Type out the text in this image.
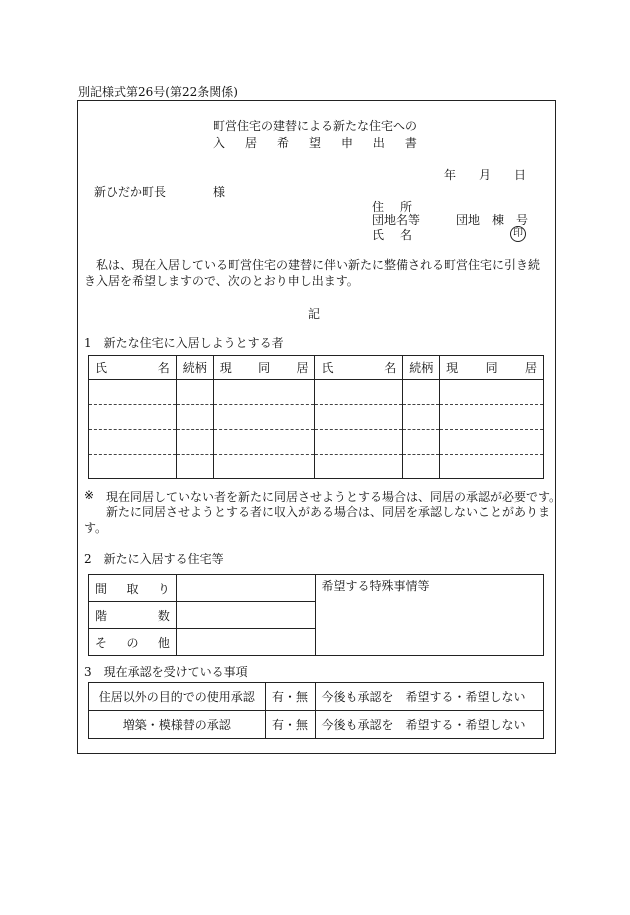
別記様式第26号(第22条関係)
町営住宅の建替による新たな住宅への
入 居 希 望 申 出 書
年 月 日
新ひだか町長	様
住 所
団地名等	団地　棟　号
氏 名	印
　私は、現在入居している町営住宅の建替に伴い新たに整備される町営住宅に引き続き入居を希望しますので、次のとおり申し出ます。
記
1　新たな住宅に入居しようとする者
氏 名	続柄	現 同 居	氏 名	続柄	現 同 居

※ 現在同居していない者を新たに同居させようとする場合は、同居の承認が必要です。
新たに同居させようとする者に収入がある場合は、同居を承認しないことがあります。
2　新たに入居する住宅等
間 取 り		希望する特殊事情等

階 数		

そ の 他		

3　現在承認を受けている事項
住居以外の目的での使用承認	有・無	今後も承認を　希望する・希望しない
増築・模様替の承認	有・無	今後も承認を　希望する・希望しない
